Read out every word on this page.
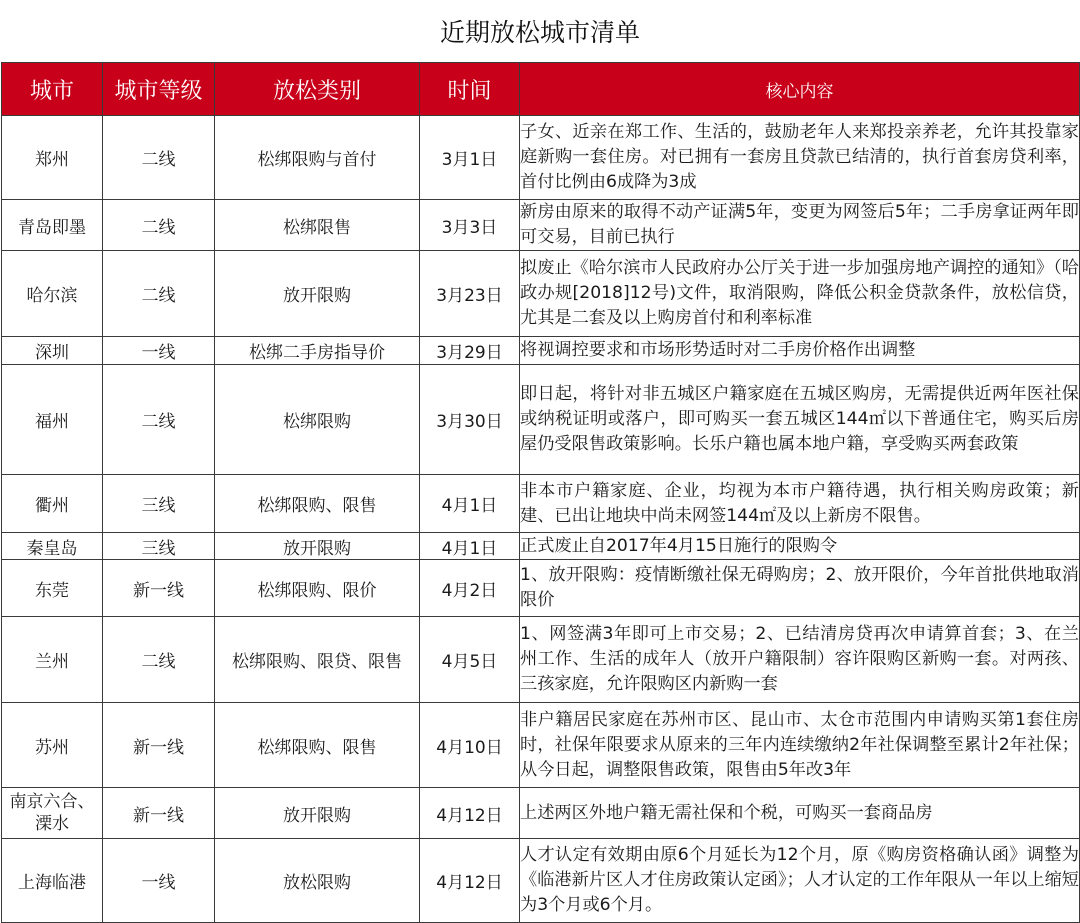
近期放松城市清单
城市	城市等级	放松类别	时间	核心内容
郑州	二线	松绑限购与首付	3月1日	子女、近亲在郑工作、生活的，鼓励老年人来郑投亲养老，允许其投靠家庭新购一套住房。对已拥有一套房且贷款已结清的，执行首套房贷利率，首付比例由6成降为3成
青岛即墨	二线	松绑限售	3月3日	新房由原来的取得不动产证满5年，变更为网签后5年；二手房拿证两年即可交易，目前已执行
哈尔滨	二线	放开限购	3月23日	拟废止《哈尔滨市人民政府办公厅关于进一步加强房地产调控的通知》（哈政办规[2018]12号)文件，取消限购，降低公积金贷款条件，放松信贷，尤其是二套及以上购房首付和利率标准
深圳	一线	松绑二手房指导价	3月29日	将视调控要求和市场形势适时对二手房价格作出调整
福州	二线	松绑限购	3月30日	即日起，将针对非五城区户籍家庭在五城区购房，无需提供近两年医社保或纳税证明或落户，即可购买一套五城区144㎡以下普通住宅，购买后房屋仍受限售政策影响。长乐户籍也属本地户籍，享受购买两套政策
衢州	三线	松绑限购、限售	4月1日	非本市户籍家庭、企业，均视为本市户籍待遇，执行相关购房政策；新建、已出让地块中尚未网签144㎡及以上新房不限售。
秦皇岛	三线	放开限购	4月1日	正式废止自2017年4月15日施行的限购令
东莞	新一线	松绑限购、限价	4月2日	1、放开限购：疫情断缴社保无碍购房；2、放开限价，今年首批供地取消限价
兰州	二线	松绑限购、限贷、限售	4月5日	1、网签满3年即可上市交易；2、已结清房贷再次申请算首套；3、在兰州工作、生活的成年人（放开户籍限制）容许限购区新购一套。对两孩、三孩家庭，允许限购区内新购一套
苏州	新一线	松绑限购、限售	4月10日	非户籍居民家庭在苏州市区、昆山市、太仓市范围内申请购买第1套住房时，社保年限要求从原来的三年内连续缴纳2年社保调整至累计2年社保；从今日起，调整限售政策，限售由5年改3年
南京六合、溧水	新一线	放开限购	4月12日	上述两区外地户籍无需社保和个税，可购买一套商品房
上海临港	一线	放松限购	4月12日	人才认定有效期由原6个月延长为12个月，原《购房资格确认函》调整为《临港新片区人才住房政策认定函》；人才认定的工作年限从一年以上缩短为3个月或6个月。
